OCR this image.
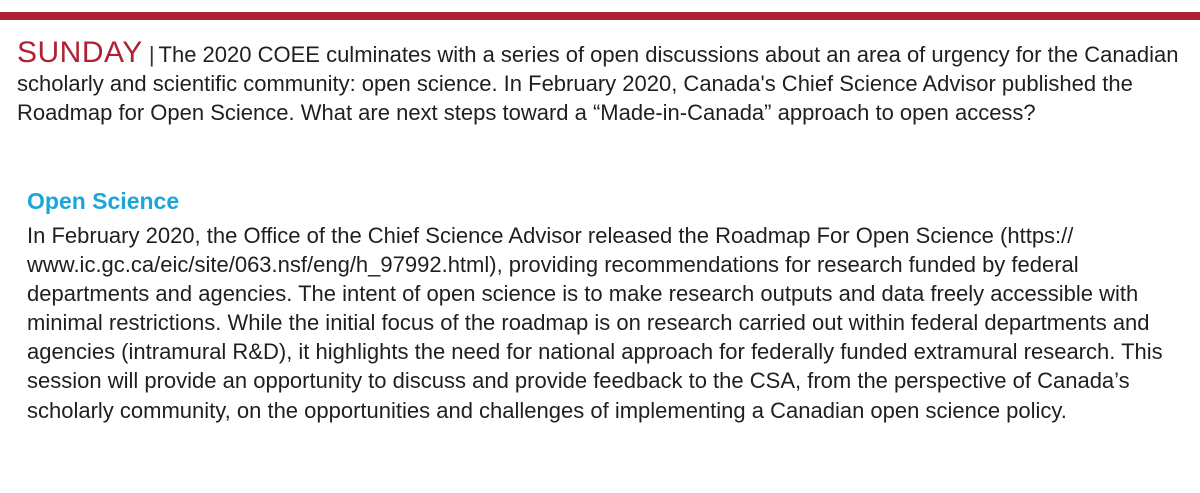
SUNDAY | The 2020 COEE culminates with a series of open discussions about an area of urgency for the Canadian scholarly and scientific community: open science. In February 2020, Canada's Chief Science Advisor published the Roadmap for Open Science. What are next steps toward a “Made-in-Canada” approach to open access?

Open Science

In February 2020, the Office of the Chief Science Advisor released the Roadmap For Open Science (https:// www.ic.gc.ca/eic/site/063.nsf/eng/h_97992.html), providing recommendations for research funded by federal departments and agencies. The intent of open science is to make research outputs and data freely accessible with minimal restrictions. While the initial focus of the roadmap is on research carried out within federal departments and agencies (intramural R&D), it highlights the need for national approach for federally funded extramural research. This session will provide an opportunity to discuss and provide feedback to the CSA, from the perspective of Canada’s scholarly community, on the opportunities and challenges of implementing a Canadian open science policy.
